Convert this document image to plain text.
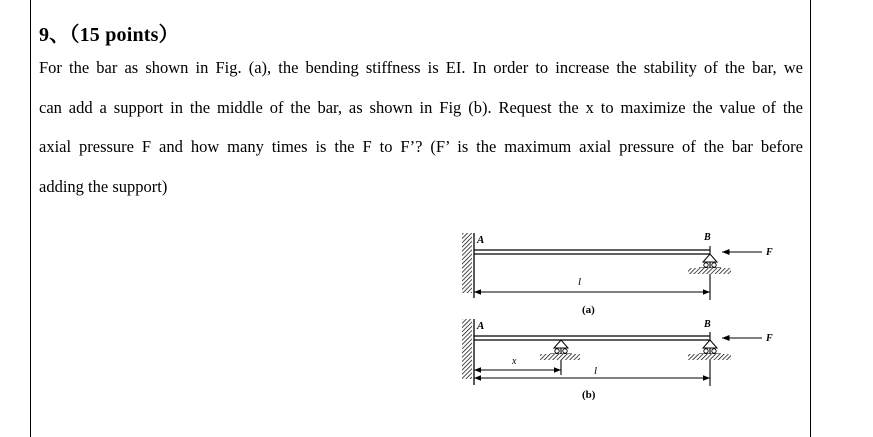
9、（15 points）
For the bar as shown in Fig. (a), the bending stiffness is EI. In order to increase the stability of the bar, we
can add a support in the middle of the bar, as shown in Fig (b). Request the x to maximize the value of the
axial pressure F and how many times is the F to F’? (F’ is the maximum axial pressure of the bar before
adding the support)
A	B
F
l
(a)
A	B
F
x
l
(b)
